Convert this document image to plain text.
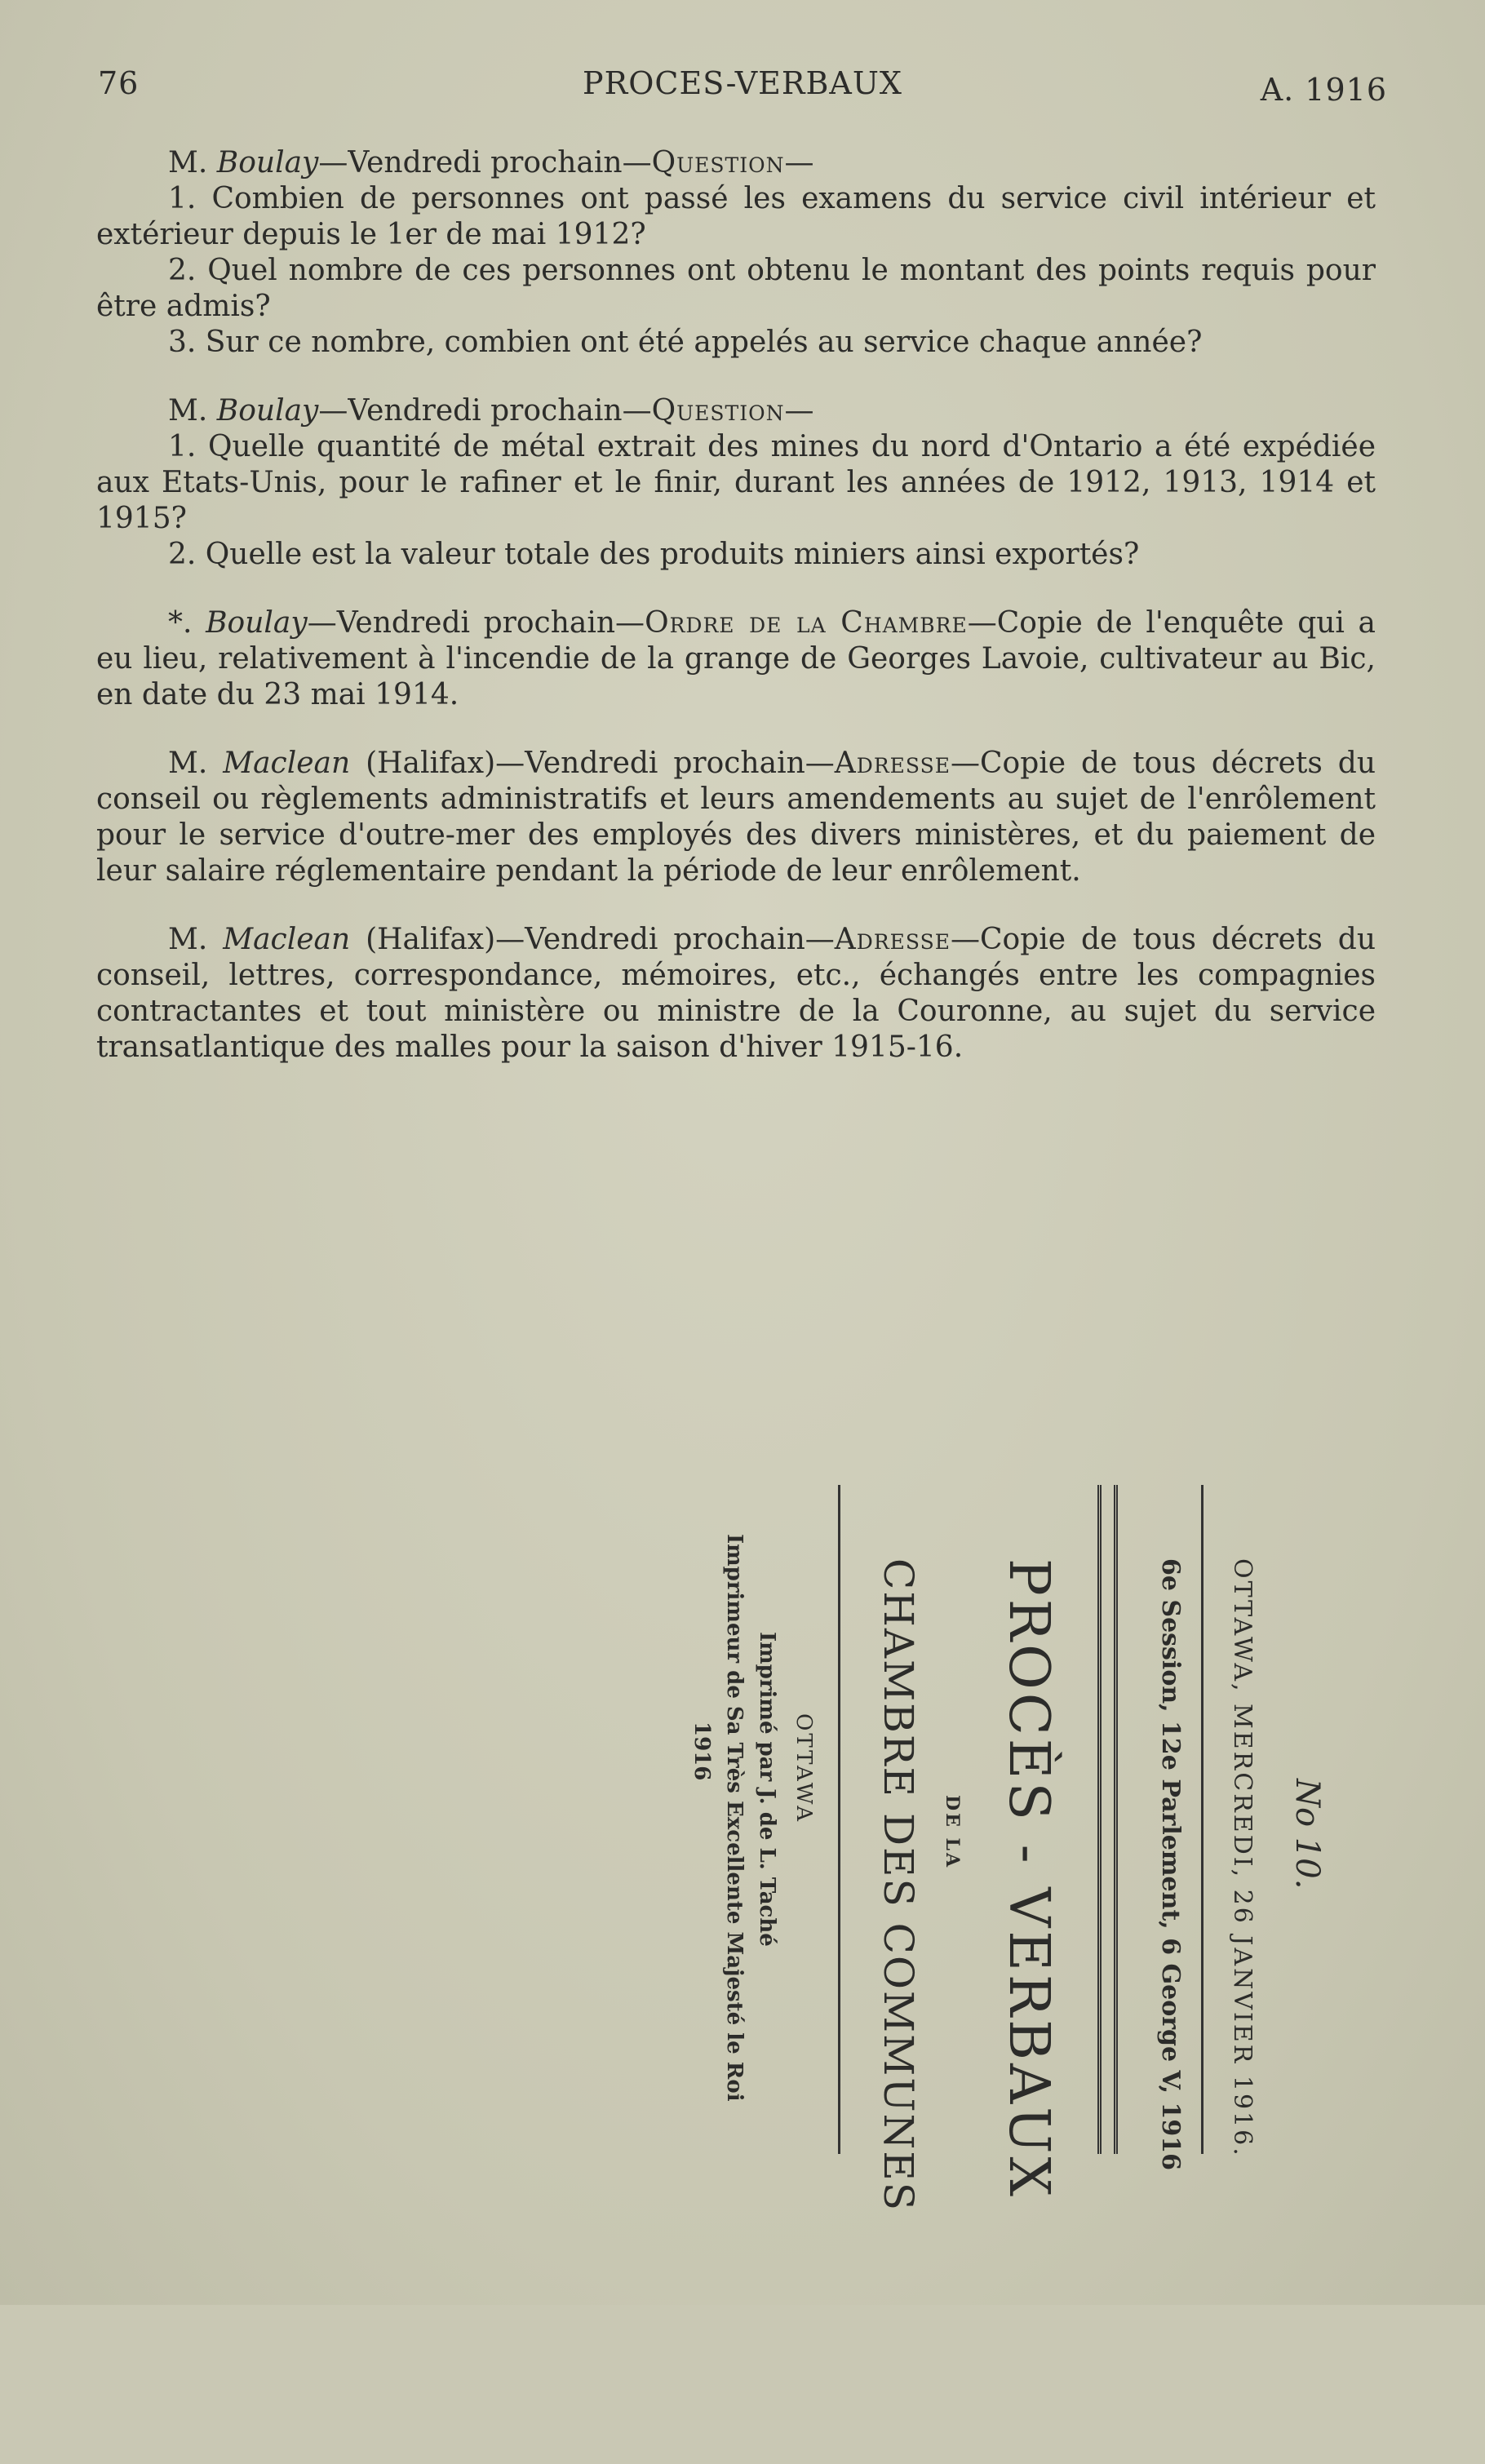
76	PROCES-VERBAUX	A. 1916

M. Boulay—Vendredi prochain—Question—

1. Combien de personnes ont passé les examens du service civil intérieur et extérieur depuis le 1er de mai 1912?

2. Quel nombre de ces personnes ont obtenu le montant des points requis pour être admis?

3. Sur ce nombre, combien ont été appelés au service chaque année?

M. Boulay—Vendredi prochain—Question—

1. Quelle quantité de métal extrait des mines du nord d'Ontario a été expédiée aux Etats-Unis, pour le rafiner et le finir, durant les années de 1912, 1913, 1914 et 1915?

2. Quelle est la valeur totale des produits miniers ainsi exportés?

*. Boulay—Vendredi prochain—Ordre de la Chambre—Copie de l'enquête qui a eu lieu, relativement à l'incendie de la grange de Georges Lavoie, cultivateur au Bic, en date du 23 mai 1914.

M. Maclean (Halifax)—Vendredi prochain—Adresse—Copie de tous décrets du conseil ou règlements administratifs et leurs amendements au sujet de l'enrôlement pour le service d'outre-mer des employés des divers ministères, et du paiement de leur salaire réglementaire pendant la période de leur enrôlement.

M. Maclean (Halifax)—Vendredi prochain—Adresse—Copie de tous décrets du conseil, lettres, correspondance, mémoires, etc., échangés entre les compagnies contractantes et tout ministère ou ministre de la Couronne, au sujet du service transatlantique des malles pour la saison d'hiver 1915-16.

No 10.
OTTAWA, MERCREDI, 26 JANVIER 1916.
6e Session, 12e Parlement, 6 George V, 1916
PROCÈS - VERBAUX
DE LA
CHAMBRE DES COMMUNES
OTTAWA
Imprimé par J. de L. Taché
Imprimeur de Sa Très Excellente Majesté le Roi
1916
